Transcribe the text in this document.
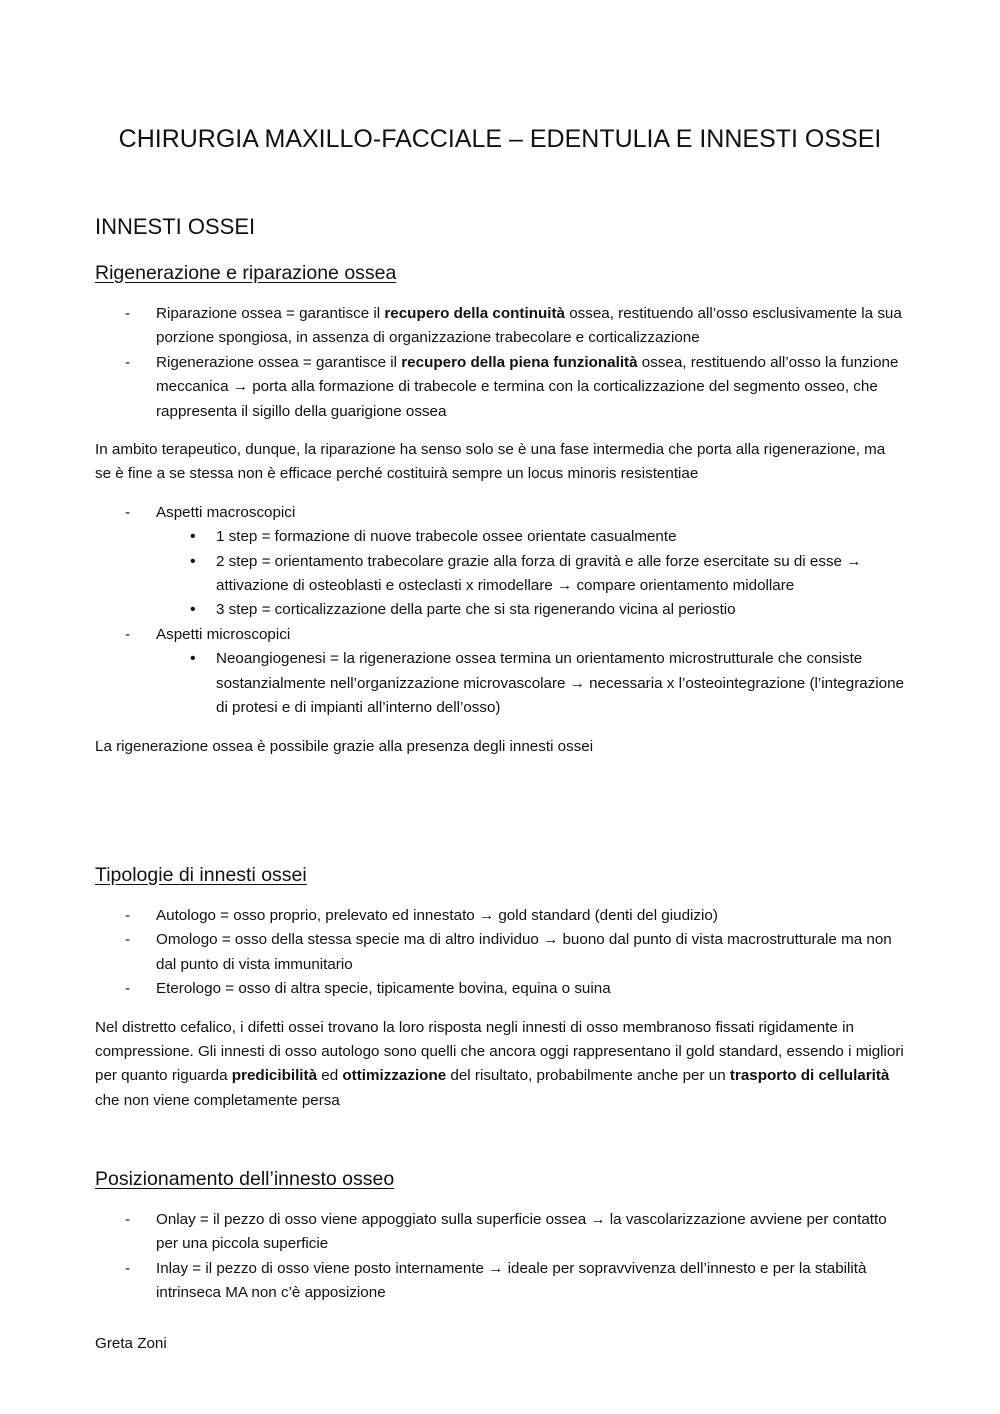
CHIRURGIA MAXILLO-FACCIALE – EDENTULIA E INNESTI OSSEI
INNESTI OSSEI
Rigenerazione e riparazione ossea
- Riparazione ossea = garantisce il recupero della continuità ossea, restituendo all’osso esclusivamente la sua porzione spongiosa, in assenza di organizzazione trabecolare e corticalizzazione
- Rigenerazione ossea = garantisce il recupero della piena funzionalità ossea, restituendo all’osso la funzione meccanica → porta alla formazione di trabecole e termina con la corticalizzazione del segmento osseo, che rappresenta il sigillo della guarigione ossea

In ambito terapeutico, dunque, la riparazione ha senso solo se è una fase intermedia che porta alla rigenerazione, ma se è fine a se stessa non è efficace perché costituirà sempre un locus minoris resistentiae

- Aspetti macroscopici
• 1 step = formazione di nuove trabecole ossee orientate casualmente
• 2 step = orientamento trabecolare grazie alla forza di gravità e alle forze esercitate su di esse → attivazione di osteoblasti e osteclasti x rimodellare → compare orientamento midollare
• 3 step = corticalizzazione della parte che si sta rigenerando vicina al periostio
- Aspetti microscopici
• Neoangiogenesi = la rigenerazione ossea termina un orientamento microstrutturale che consiste sostanzialmente nell’organizzazione microvascolare → necessaria x l’osteointegrazione (l’integrazione di protesi e di impianti all’interno dell’osso)

La rigenerazione ossea è possibile grazie alla presenza degli innesti ossei

Tipologie di innesti ossei
- Autologo = osso proprio, prelevato ed innestato → gold standard (denti del giudizio)
- Omologo = osso della stessa specie ma di altro individuo → buono dal punto di vista macrostrutturale ma non dal punto di vista immunitario
- Eterologo = osso di altra specie, tipicamente bovina, equina o suina

Nel distretto cefalico, i difetti ossei trovano la loro risposta negli innesti di osso membranoso fissati rigidamente in compressione. Gli innesti di osso autologo sono quelli che ancora oggi rappresentano il gold standard, essendo i migliori per quanto riguarda predicibilità ed ottimizzazione del risultato, probabilmente anche per un trasporto di cellularità che non viene completamente persa

Posizionamento dell’innesto osseo
- Onlay = il pezzo di osso viene appoggiato sulla superficie ossea → la vascolarizzazione avviene per contatto per una piccola superficie
- Inlay = il pezzo di osso viene posto internamente → ideale per sopravvivenza dell’innesto e per la stabilità intrinseca MA non c’è apposizione
Greta Zoni
